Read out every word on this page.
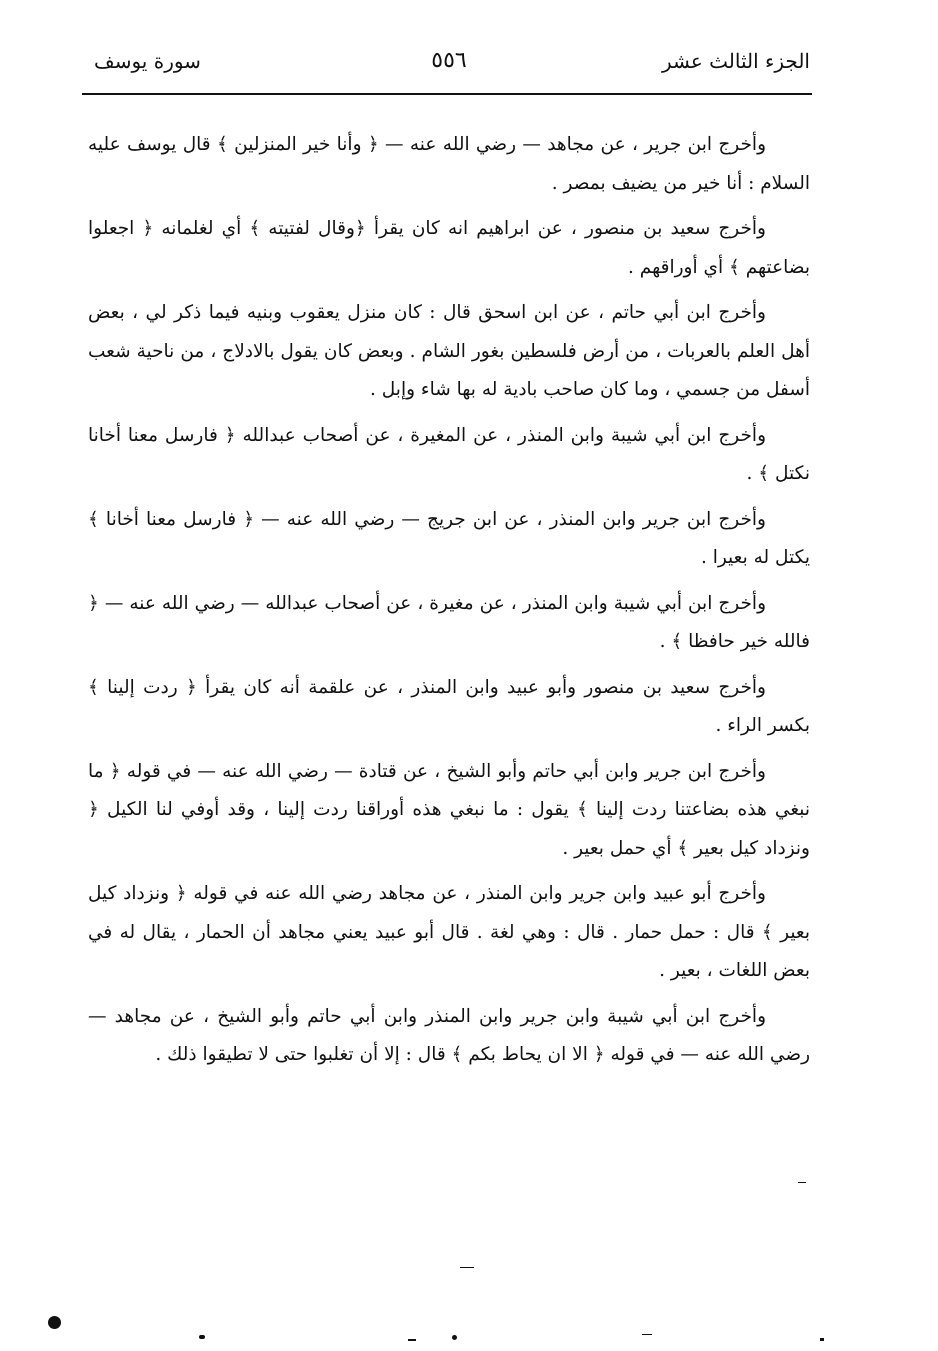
الجزء الثالث عشر
٥٥٦
سورة يوسف

وأخرج ابن جرير ، عن مجاهد — رضي الله عنه — ﴿ وأنا خير المنزلين ﴾ قال يوسف عليه السلام : أنا خير من يضيف بمصر .

وأخرج سعيد بن منصور ، عن ابراهيم انه كان يقرأ ﴿وقال لفتيته ﴾ أي لغلمانه ﴿ اجعلوا بضاعتهم ﴾ أي أوراقهم .

وأخرج ابن أبي حاتم ، عن ابن اسحق قال : كان منزل يعقوب وبنيه فيما ذكر لي ، بعض أهل العلم بالعربات ، من أرض فلسطين بغور الشام . وبعض كان يقول بالادلاج ، من ناحية شعب أسفل من جسمي ، وما كان صاحب بادية له بها شاء وإبل .

وأخرج ابن أبي شيبة وابن المنذر ، عن المغيرة ، عن أصحاب عبدالله ﴿ فارسل معنا أخانا نكتل ﴾ .

وأخرج ابن جرير وابن المنذر ، عن ابن جريج — رضي الله عنه — ﴿ فارسل معنا أخانا ﴾ يكتل له بعيرا .

وأخرج ابن أبي شيبة وابن المنذر ، عن مغيرة ، عن أصحاب عبدالله — رضي الله عنه — ﴿ فالله خير حافظا ﴾ .

وأخرج سعيد بن منصور وأبو عبيد وابن المنذر ، عن علقمة أنه كان يقرأ ﴿ ردت إلينا ﴾ بكسر الراء .

وأخرج ابن جرير وابن أبي حاتم وأبو الشيخ ، عن قتادة — رضي الله عنه — في قوله ﴿ ما نبغي هذه بضاعتنا ردت إلينا ﴾ يقول : ما نبغي هذه أوراقنا ردت إلينا ، وقد أوفي لنا الكيل ﴿ ونزداد كيل بعير ﴾ أي حمل بعير .

وأخرج أبو عبيد وابن جرير وابن المنذر ، عن مجاهد رضي الله عنه في قوله ﴿ ونزداد كيل بعير ﴾ قال : حمل حمار . قال : وهي لغة . قال أبو عبيد يعني مجاهد أن الحمار ، يقال له في بعض اللغات ، بعير .

وأخرج ابن أبي شيبة وابن جرير وابن المنذر وابن أبي حاتم وأبو الشيخ ، عن مجاهد — رضي الله عنه — في قوله ﴿ الا ان يحاط بكم ﴾ قال : إلا أن تغلبوا حتى لا تطيقوا ذلك .
